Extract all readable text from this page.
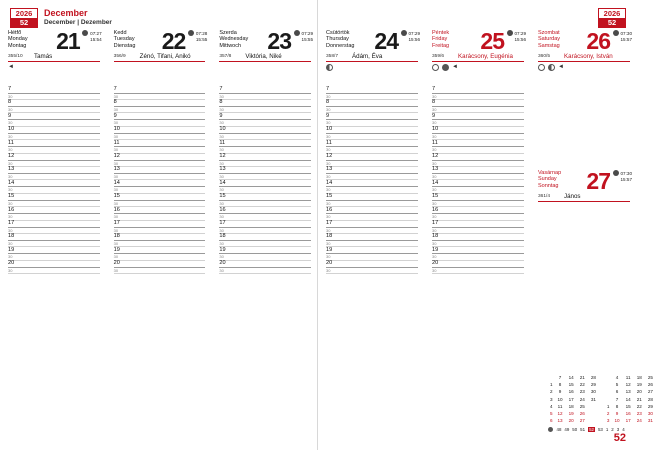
2026
52
December
December | Dezember
Hétfő
Monday
Montag	21	07:27
15:54
355/10 Tamás
◄
7
30
8
30
9
30
10
30
11
30
12
30
13
30
14
30
15
30
16
30
17
30
18
30
19
30
20
30
Kedd
Tuesday
Dienstag	22	07:28
15:55
356/9 Zénó, Tifani, Anikó
7
30
8
30
9
30
10
30
11
30
12
30
13
30
14
30
15
30
16
30
17
30
18
30
19
30
20
30
Szerda
Wednesday
Mittwoch	23	07:29
15:55
357/8 Viktória, Niké
7
30
8
30
9
30
10
30
11
30
12
30
13
30
14
30
15
30
16
30
17
30
18
30
19
30
20
30
2026
52
Csütörtök
Thursday
Donnerstag 24	07:29
15:56
358/7 Ádám, Éva
7
30
8
30
9
30
10
30
11
30
12
30
13
30
14
30
15
30
16
30
17
30
18
30
19
30
20
30
Péntek
Friday
Freitag	25	07:29
15:56
359/6 Karácsony, Eugénia
◄
7
30
8
30
9
30
10
30
11
30
12
30
13
30
14
30
15
30
16
30
17
30
18
30
19
30
20
30
Szombat
Saturday
Samstag	26	07:30
15:57
360/5 Karácsony, István
◄
Vasárnap
Sunday
Sonntag	27	07:30
15:57
361/4 János
	7	14	21	28			4	11	18	25
1	8	15	22	29			5	12	19	26
2	9	16	23	30			6	13	20	27
3	10	17	24	31			7	14	21	28
4	11	18	25			1	8	15	22	29
5	12	19	26			2	9	16	23	30
6	13	20	27			3	10	17	24	31
48 49 50 51 52 53 1 2 3 4
52
